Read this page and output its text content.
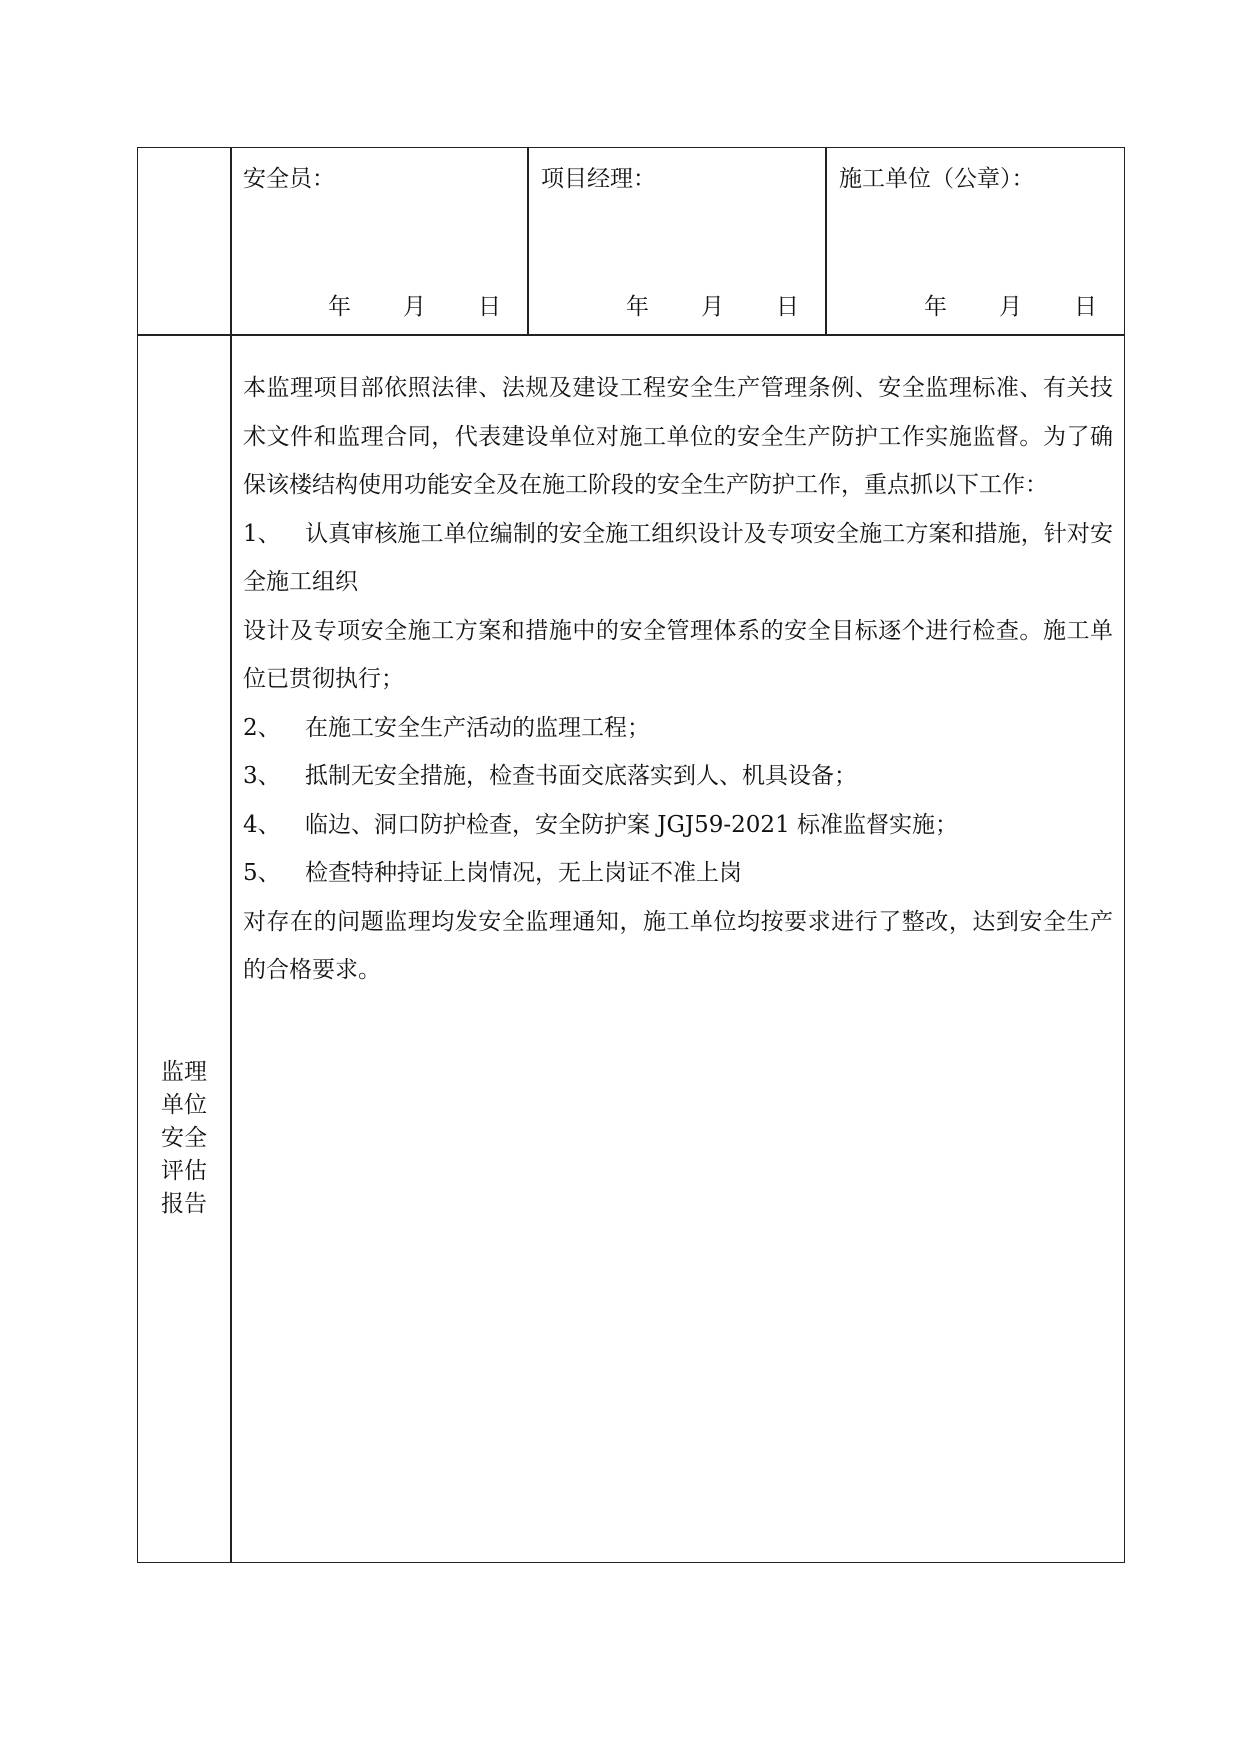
安全员：
年 月 日
项目经理：
年 月 日
施工单位（公章）：
年 月 日
监理
单位
安全
评估
报告

本监理项目部依照法律、法规及建设工程安全生产管理条例、安全监理标准、有关技术文件和监理合同，代表建设单位对施工单位的安全生产防护工作实施监督。为了确保该楼结构使用功能安全及在施工阶段的安全生产防护工作，重点抓以下工作：

1、 认真审核施工单位编制的安全施工组织设计及专项安全施工方案和措施，针对安全施工组织

设计及专项安全施工方案和措施中的安全管理体系的安全目标逐个进行检查。施工单位已贯彻执行；

2、 在施工安全生产活动的监理工程；

3、 抵制无安全措施，检查书面交底落实到人、机具设备；

4、 临边、洞口防护检查，安全防护案 JGJ59-2021 标准监督实施；

5、 检查特种持证上岗情况，无上岗证不准上岗

对存在的问题监理均发安全监理通知，施工单位均按要求进行了整改，达到安全生产的合格要求。
